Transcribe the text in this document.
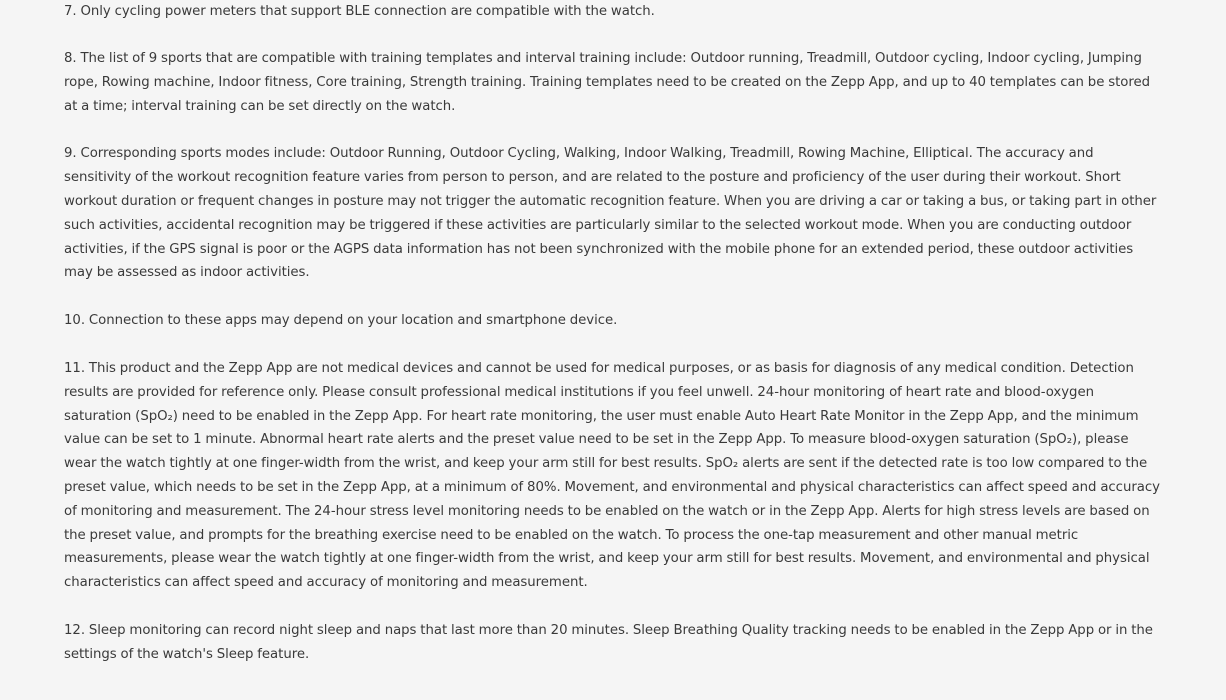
7. Only cycling power meters that support BLE connection are compatible with the watch.

8. The list of 9 sports that are compatible with training templates and interval training include: Outdoor running, Treadmill, Outdoor cycling, Indoor cycling, Jumping rope, Rowing machine, Indoor fitness, Core training, Strength training. Training templates need to be created on the Zepp App, and up to 40 templates can be stored at a time; interval training can be set directly on the watch.

9. Corresponding sports modes include: Outdoor Running, Outdoor Cycling, Walking, Indoor Walking, Treadmill, Rowing Machine, Elliptical. The accuracy and sensitivity of the workout recognition feature varies from person to person, and are related to the posture and proficiency of the user during their workout. Short workout duration or frequent changes in posture may not trigger the automatic recognition feature. When you are driving a car or taking a bus, or taking part in other such activities, accidental recognition may be triggered if these activities are particularly similar to the selected workout mode. When you are conducting outdoor activities, if the GPS signal is poor or the AGPS data information has not been synchronized with the mobile phone for an extended period, these outdoor activities may be assessed as indoor activities.

10. Connection to these apps may depend on your location and smartphone device.

11. This product and the Zepp App are not medical devices and cannot be used for medical purposes, or as basis for diagnosis of any medical condition. Detection results are provided for reference only. Please consult professional medical institutions if you feel unwell. 24-hour monitoring of heart rate and blood-oxygen saturation (SpO₂) need to be enabled in the Zepp App. For heart rate monitoring, the user must enable Auto Heart Rate Monitor in the Zepp App, and the minimum value can be set to 1 minute. Abnormal heart rate alerts and the preset value need to be set in the Zepp App. To measure blood-oxygen saturation (SpO₂), please wear the watch tightly at one finger-width from the wrist, and keep your arm still for best results. SpO₂ alerts are sent if the detected rate is too low compared to the preset value, which needs to be set in the Zepp App, at a minimum of 80%. Movement, and environmental and physical characteristics can affect speed and accuracy of monitoring and measurement. The 24-hour stress level monitoring needs to be enabled on the watch or in the Zepp App. Alerts for high stress levels are based on the preset value, and prompts for the breathing exercise need to be enabled on the watch. To process the one-tap measurement and other manual metric measurements, please wear the watch tightly at one finger-width from the wrist, and keep your arm still for best results. Movement, and environmental and physical characteristics can affect speed and accuracy of monitoring and measurement.

12. Sleep monitoring can record night sleep and naps that last more than 20 minutes. Sleep Breathing Quality tracking needs to be enabled in the Zepp App or in the settings of the watch's Sleep feature.
